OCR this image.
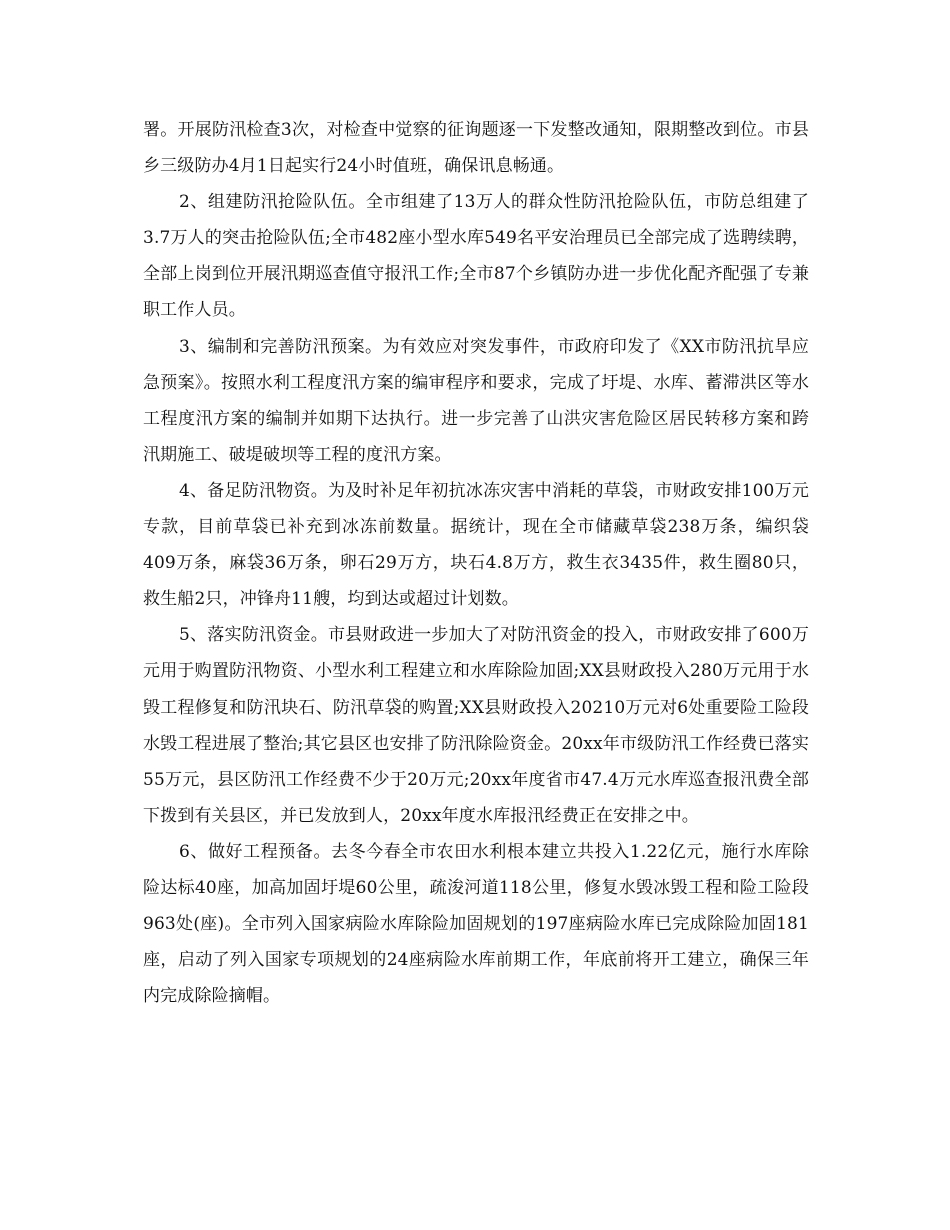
署。开展防汛检查3次，对检查中觉察的征询题逐一下发整改通知，限期整改到位。市县乡三级防办4月1日起实行24小时值班，确保讯息畅通。

2、组建防汛抢险队伍。全市组建了13万人的群众性防汛抢险队伍，市防总组建了3.7万人的突击抢险队伍;全市482座小型水库549名平安治理员已全部完成了选聘续聘，全部上岗到位开展汛期巡查值守报汛工作;全市87个乡镇防办进一步优化配齐配强了专兼职工作人员。

3、编制和完善防汛预案。为有效应对突发事件，市政府印发了《XX市防汛抗旱应急预案》。按照水利工程度汛方案的编审程序和要求，完成了圩堤、水库、蓄滞洪区等水工程度汛方案的编制并如期下达执行。进一步完善了山洪灾害危险区居民转移方案和跨汛期施工、破堤破坝等工程的度汛方案。

4、备足防汛物资。为及时补足年初抗冰冻灾害中消耗的草袋，市财政安排100万元专款，目前草袋已补充到冰冻前数量。据统计，现在全市储藏草袋238万条，编织袋409万条，麻袋36万条，卵石29万方，块石4.8万方，救生衣3435件，救生圈80只，救生船2只，冲锋舟11艘，均到达或超过计划数。

5、落实防汛资金。市县财政进一步加大了对防汛资金的投入，市财政安排了600万元用于购置防汛物资、小型水利工程建立和水库除险加固;XX县财政投入280万元用于水毁工程修复和防汛块石、防汛草袋的购置;XX县财政投入20210万元对6处重要险工险段水毁工程进展了整治;其它县区也安排了防汛除险资金。20xx年市级防汛工作经费已落实55万元，县区防汛工作经费不少于20万元;20xx年度省市47.4万元水库巡查报汛费全部下拨到有关县区，并已发放到人，20xx年度水库报汛经费正在安排之中。

6、做好工程预备。去冬今春全市农田水利根本建立共投入1.22亿元，施行水库除险达标40座，加高加固圩堤60公里，疏浚河道118公里，修复水毁冰毁工程和险工险段963处(座)。全市列入国家病险水库除险加固规划的197座病险水库已完成除险加固181座，启动了列入国家专项规划的24座病险水库前期工作，年底前将开工建立，确保三年内完成除险摘帽。
